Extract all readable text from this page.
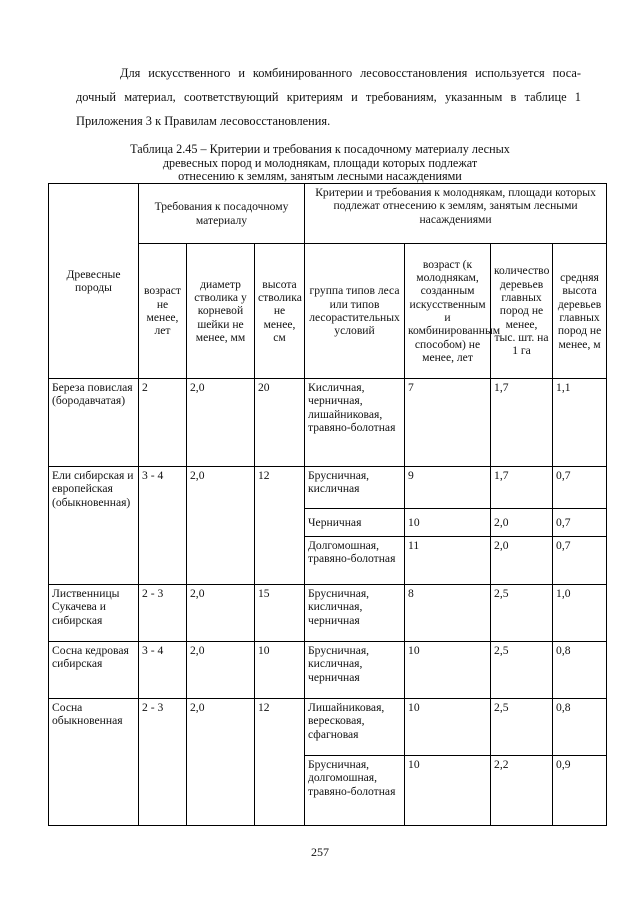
Для искусственного и комбинированного лесовосстановления используется поса-

дочный материал, соответствующий критериям и требованиям, указанным в таблице 1

Приложения 3 к Правилам лесовосстановления.

Таблица 2.45 – Критерии и требования к посадочному материалу лесных
древесных пород и молоднякам, площади которых подлежат
отнесению к землям, занятым лесными насаждениями
Древесные породы	Требования к посадочному материалу			Критерии и требования к молоднякам, площади которых подлежат отнесению к землям, занятым лесными насаждениями			
	возраст не менее, лет	диаметр стволика у корневой шейки не менее, мм	высота стволика не менее, см	группа типов леса или типов лесорастительных условий	возраст (к молоднякам, созданным искусственным и комбинированным способом) не менее, лет	количество деревьев главных пород не менее, тыс. шт. на 1 га	средняя высота деревьев главных пород не менее, м
Береза повислая (бородавчатая)	2	2,0	20	Кисличная, черничная, лишайниковая, травяно-болотная	7	1,7	1,1
Ели сибирская и европейская (обыкновенная)	3 - 4	2,0	12	Брусничная, кисличная	9	1,7	0,7
				Черничная	10	2,0	0,7
				Долгомошная, травяно-болотная	11	2,0	0,7
Лиственницы Сукачева и сибирская	2 - 3	2,0	15	Брусничная, кисличная, черничная	8	2,5	1,0
Сосна кедровая сибирская	3 - 4	2,0	10	Брусничная, кисличная, черничная	10	2,5	0,8
Сосна обыкновенная	2 - 3	2,0	12	Лишайниковая, вересковая, сфагновая	10	2,5	0,8
				Брусничная, долгомошная, травяно-болотная	10	2,2	0,9
257
